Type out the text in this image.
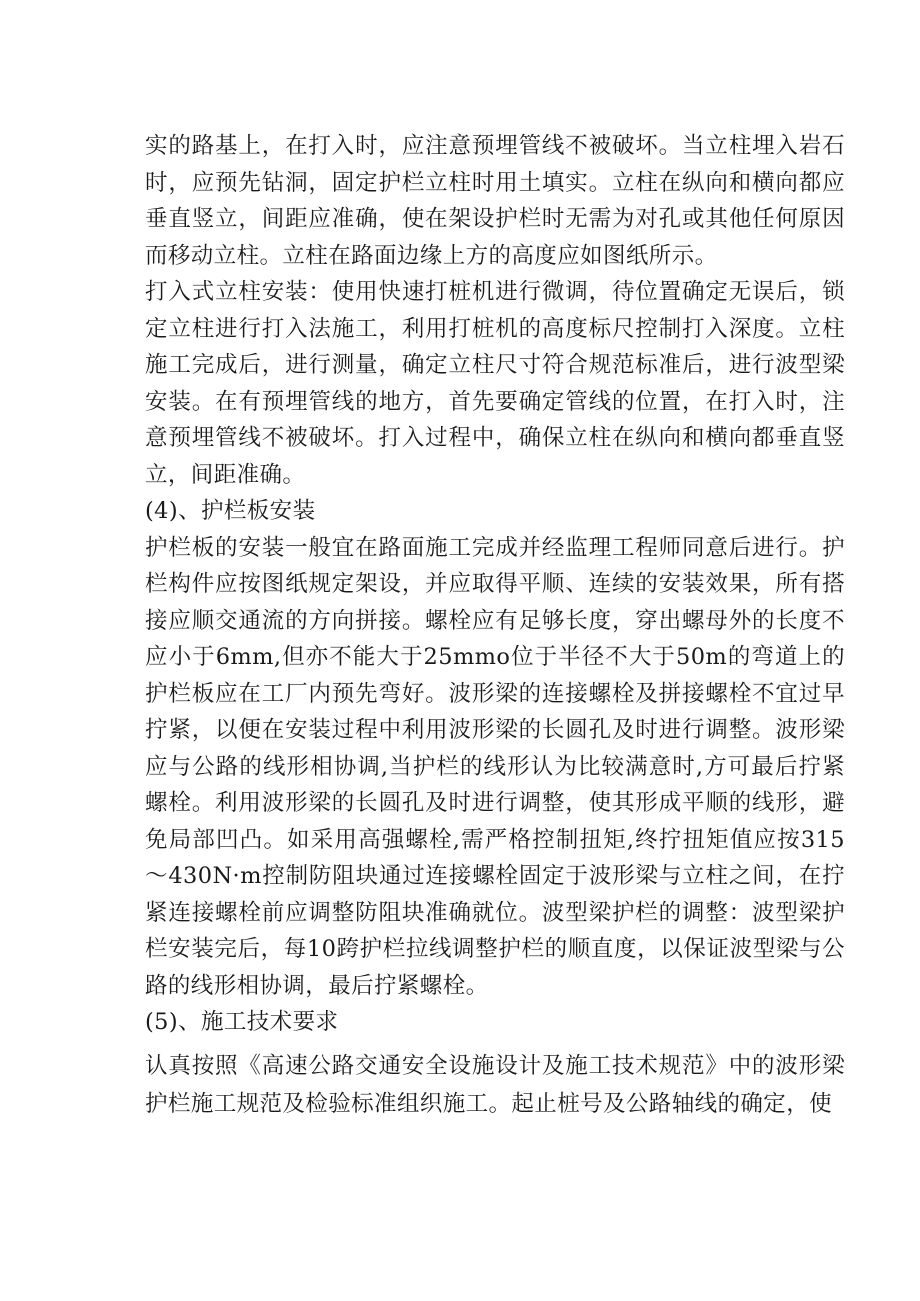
实的路基上，在打入时，应注意预埋管线不被破坏。当立柱埋入岩石时，应预先钻洞，固定护栏立柱时用土填实。立柱在纵向和横向都应垂直竖立，间距应准确，使在架设护栏时无需为对孔或其他任何原因而移动立柱。立柱在路面边缘上方的高度应如图纸所示。

打入式立柱安装：使用快速打桩机进行微调，待位置确定无误后，锁定立柱进行打入法施工，利用打桩机的高度标尺控制打入深度。立柱施工完成后，进行测量，确定立柱尺寸符合规范标准后，进行波型梁安装。在有预埋管线的地方，首先要确定管线的位置，在打入时，注意预埋管线不被破坏。打入过程中，确保立柱在纵向和横向都垂直竖立，间距准确。

(4)、护栏板安装

护栏板的安装一般宜在路面施工完成并经监理工程师同意后进行。护栏构件应按图纸规定架设，并应取得平顺、连续的安装效果，所有搭接应顺交通流的方向拼接。螺栓应有足够长度，穿出螺母外的长度不应小于6mm,但亦不能大于25mmo位于半径不大于50m的弯道上的护栏板应在工厂内预先弯好。波形梁的连接螺栓及拼接螺栓不宜过早拧紧，以便在安装过程中利用波形梁的长圆孔及时进行调整。波形梁应与公路的线形相协调,当护栏的线形认为比较满意时,方可最后拧紧螺栓。利用波形梁的长圆孔及时进行调整，使其形成平顺的线形，避免局部凹凸。如采用高强螺栓,需严格控制扭矩,终拧扭矩值应按315～430N·m控制防阻块通过连接螺栓固定于波形梁与立柱之间，在拧紧连接螺栓前应调整防阻块准确就位。波型梁护栏的调整：波型梁护栏安装完后，每10跨护栏拉线调整护栏的顺直度，以保证波型梁与公路的线形相协调，最后拧紧螺栓。

(5)、施工技术要求

认真按照《高速公路交通安全设施设计及施工技术规范》中的波形梁护栏施工规范及检验标准组织施工。起止桩号及公路轴线的确定，使
